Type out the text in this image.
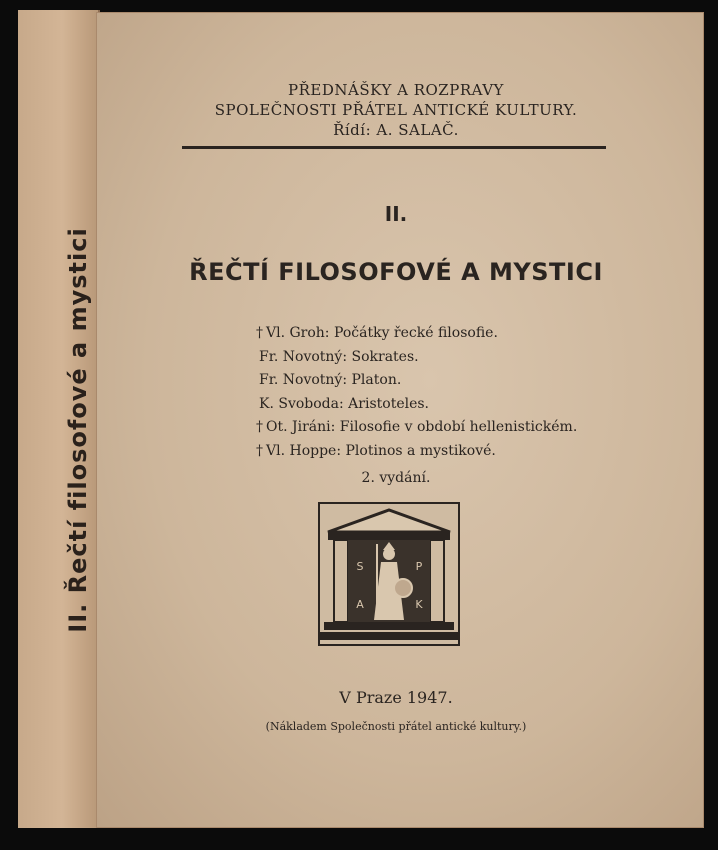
II. Řečtí filosofové a mystici
PŘEDNÁŠKY A ROZPRAVY
SPOLEČNOSTI PŘÁTEL ANTICKÉ KULTURY.
Řídí: A. SALAČ.
II.
ŘEČTÍ FILOSOFOVÉ A MYSTICI
† Vl. Groh: Počátky řecké filosofie.
Fr. Novotný: Sokrates.
Fr. Novotný: Platon.
K. Svoboda: Aristoteles.
† Ot. Jiráni: Filosofie v období hellenistickém.
† Vl. Hoppe: Plotinos a mystikové.
2. vydání.
S	P
A	K
V Praze 1947.
(Nákladem Společnosti přátel antické kultury.)
